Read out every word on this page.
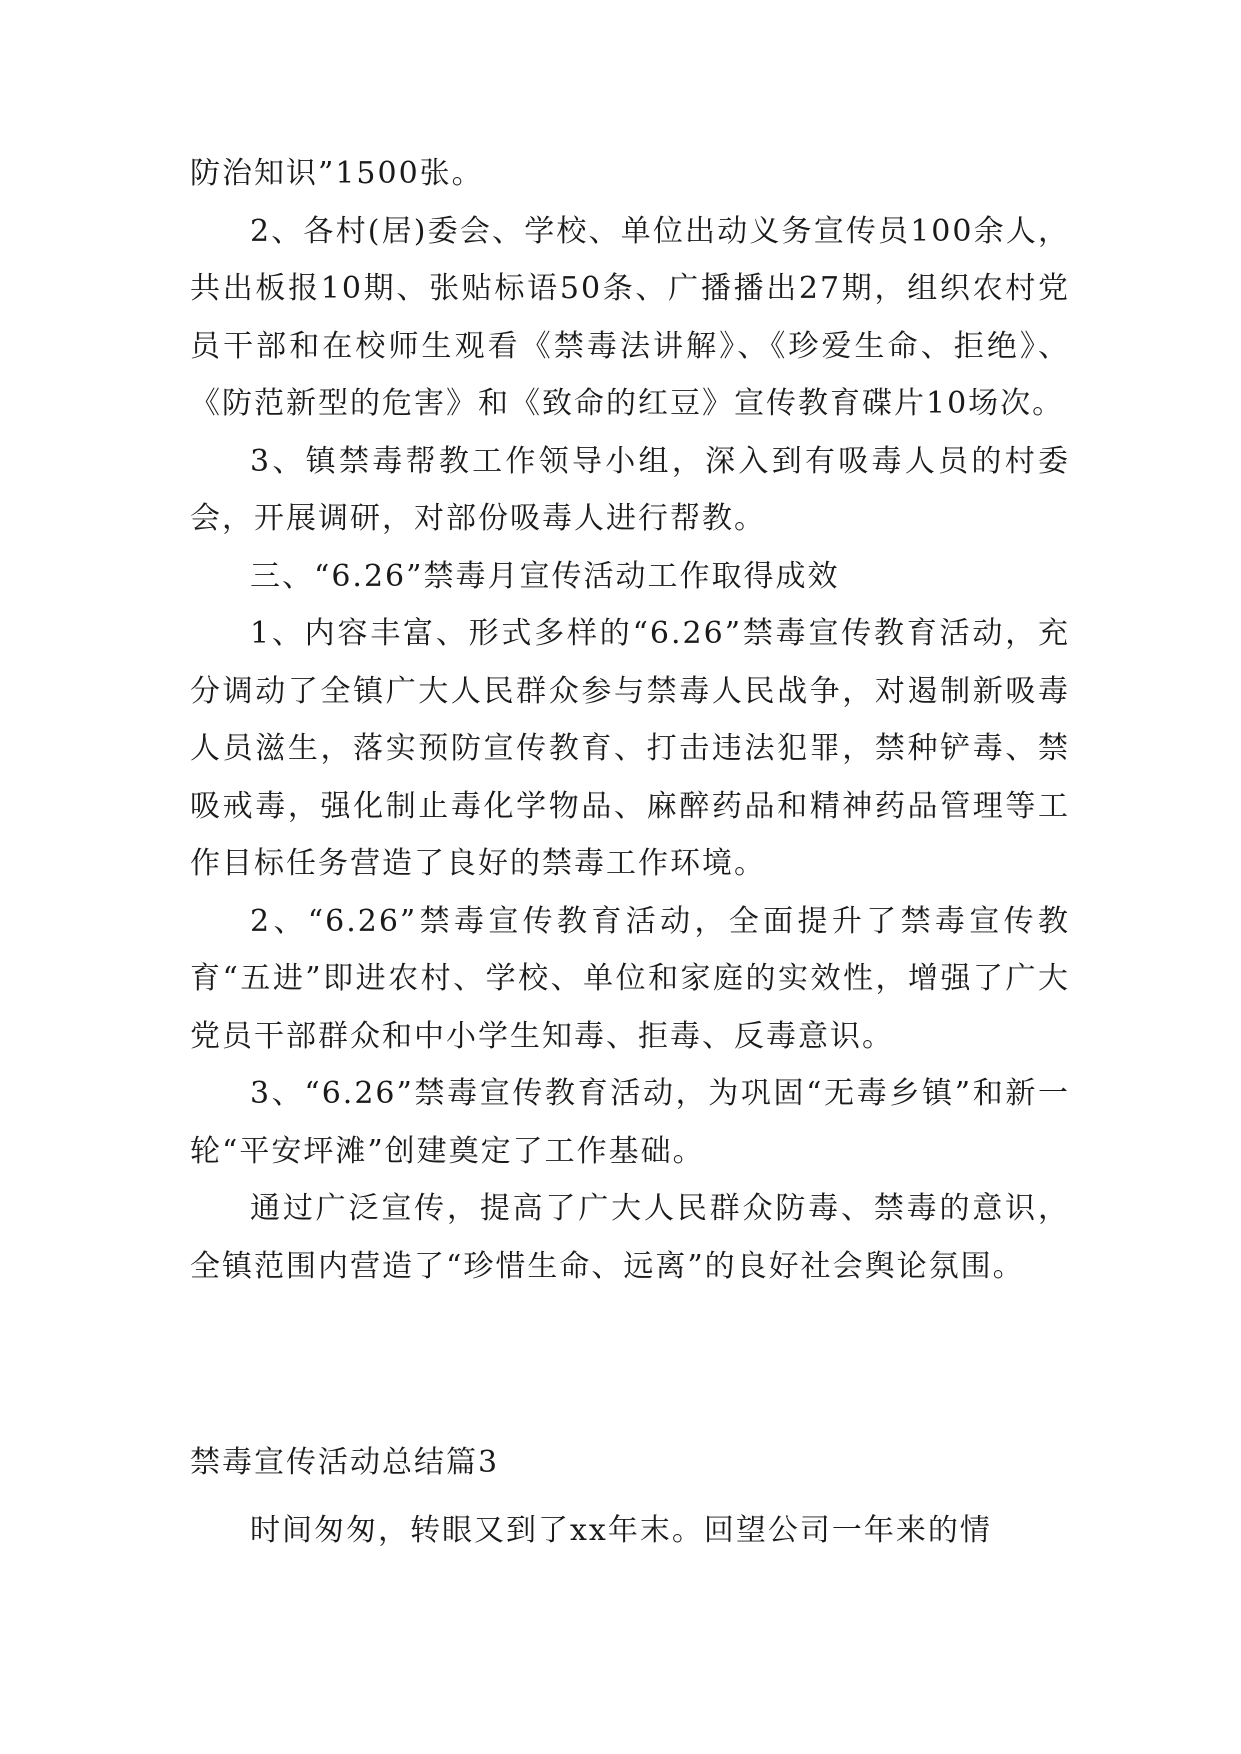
防治知识”1500张。

2、各村(居)委会、学校、单位出动义务宣传员100余人，共出板报10期、张贴标语50条、广播播出27期，组织农村党员干部和在校师生观看《禁毒法讲解》、《珍爱生命、拒绝》、《防范新型的危害》和《致命的红豆》宣传教育碟片10场次。

3、镇禁毒帮教工作领导小组，深入到有吸毒人员的村委会，开展调研，对部份吸毒人进行帮教。

三、“6.26”禁毒月宣传活动工作取得成效

1、内容丰富、形式多样的“6.26”禁毒宣传教育活动，充分调动了全镇广大人民群众参与禁毒人民战争，对遏制新吸毒人员滋生，落实预防宣传教育、打击违法犯罪，禁种铲毒、禁吸戒毒，强化制止毒化学物品、麻醉药品和精神药品管理等工作目标任务营造了良好的禁毒工作环境。

2、“6.26”禁毒宣传教育活动，全面提升了禁毒宣传教育“五进”即进农村、学校、单位和家庭的实效性，增强了广大党员干部群众和中小学生知毒、拒毒、反毒意识。

3、“6.26”禁毒宣传教育活动，为巩固“无毒乡镇”和新一轮“平安坪滩”创建奠定了工作基础。

通过广泛宣传，提高了广大人民群众防毒、禁毒的意识，全镇范围内营造了“珍惜生命、远离”的良好社会舆论氛围。

禁毒宣传活动总结篇3

时间匆匆，转眼又到了xx年末。回望公司一年来的情
